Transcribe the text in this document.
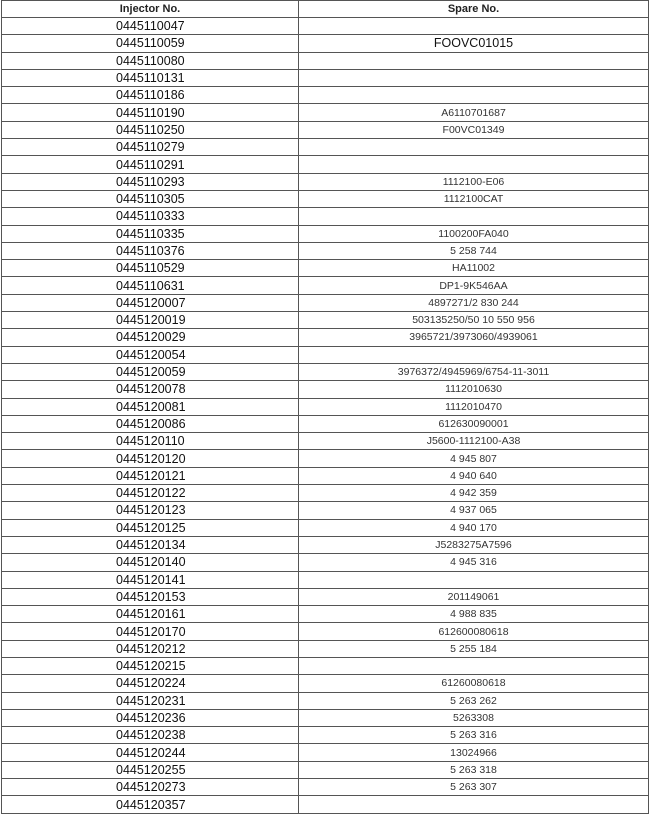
Injector No.	Spare No.
0445110047	
0445110059	FOOVC01015
0445110080	
0445110131	
0445110186	
0445110190	A6110701687
0445110250	F00VC01349
0445110279	
0445110291	
0445110293	1112100-E06
0445110305	1112100CAT
0445110333	
0445110335	1100200FA040
0445110376	5 258 744
0445110529	HA11002
0445110631	DP1-9K546AA
0445120007	4897271/2 830 244
0445120019	503135250/50 10 550 956
0445120029	3965721/3973060/4939061
0445120054	
0445120059	3976372/4945969/6754-11-3011
0445120078	1112010630
0445120081	1112010470
0445120086	612630090001
0445120110	J5600-1112100-A38
0445120120	4 945 807
0445120121	4 940 640
0445120122	4 942 359
0445120123	4 937 065
0445120125	4 940 170
0445120134	J5283275A7596
0445120140	4 945 316
0445120141	
0445120153	201149061
0445120161	4 988 835
0445120170	612600080618
0445120212	5 255 184
0445120215	
0445120224	61260080618
0445120231	5 263 262
0445120236	5263308
0445120238	5 263 316
0445120244	13024966
0445120255	5 263 318
0445120273	5 263 307
0445120357	
